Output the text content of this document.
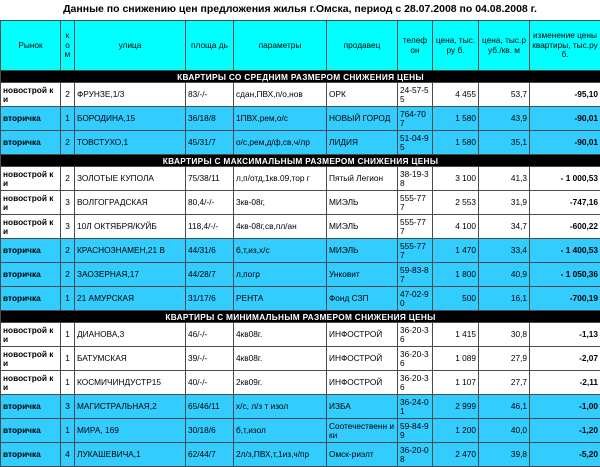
Данные по снижению цен предложения жилья г.Омска, период с 28.07.2008 по 04.08.2008 г.
Рынок	к о м	улица	площа дь	параметры	продавец	телеф он	цена, тыс.ру б.	цена, тыс.руб./кв. м	изменение цены квартиры, тыс.руб.
КВАРТИРЫ СО СРЕДНИМ РАЗМЕРОМ СНИЖЕНИЯ ЦЕНЫ									
новострой ки	2	ФРУНЗЕ,1/3	83/-/-	сдан,ПВХ,п/о,нов	ОРК	24-57-55	4 455	53,7	-95,10
вторичка	1	БОРОДИНА,15	36/18/8	1ПВХ,рем,о/с	НОВЫЙ ГОРОД	764-707	1 580	43,9	-90,01
вторичка	2	ТОВСТУХО,1	45/31/7	о/с,рем,д/ф,св,ч/лр	ЛИДИЯ	51-04-95	1 580	35,1	-90,01
КВАРТИРЫ С МАКСИМАЛЬНЫМ РАЗМЕРОМ СНИЖЕНИЯ ЦЕНЫ									
новострой ки	2	ЗОЛОТЫЕ КУПОЛА	75/38/11	л,п/отд,1кв.09,тор г	Пятый Легион	38-19-38	3 100	41,3	- 1 000,53
новострой ки	3	ВОЛГОГРАДСКАЯ	80,4/-/-	3кв-08г,	МИЭЛЬ	555-777	2 553	31,9	-747,16
новострой ки	3	10Л ОКТЯБРЯ/КУЙБ	118,4/-/-	4кв-08г,св,пл/ан	МИЭЛЬ	555-777	4 100	34,7	-600,22
вторичка	2	КРАСНОЗНАМЕН,21 В	44/31/6	б,т,из,х/с	МИЭЛЬ	555-777	1 470	33,4	- 1 400,53
вторичка	2	ЗАОЗЕРНАЯ,17	44/28/7	л,погр	Унковит	59-83-87	1 800	40,9	- 1 050,36
вторичка	1	21 АМУРСКАЯ	31/17/6	РЕНТА	Фонд СЗП	47-02-90	500	16,1	-700,19
КВАРТИРЫ С МИНИМАЛЬНЫМ РАЗМЕРОМ СНИЖЕНИЯ ЦЕНЫ									
новострой ки	1	ДИАНОВА,3	46/-/-	4кв08г.	ИНФОСТРОЙ	36-20-36	1 415	30,8	-1,13
новострой ки	1	БАТУМСКАЯ	39/-/-	4кв08г.	ИНФОСТРОЙ	36-20-36	1 089	27,9	-2,07
новострой ки	1	КОСМИЧИНДУСТР15	40/-/-	2кв09г.	ИНФОСТРОЙ	36-20-36	1 107	27,7	-2,11
вторичка	3	МАГИСТРАЛЬНАЯ,2	65/46/11	х/с, л/з т изол	ИЗБА	36-24-01	2 999	46,1	-1,00
вторичка	1	МИРА, 169	30/18/6	б,т,изол	Соотечественн ики	59-84-99	1 200	40,0	-1,20
вторичка	4	ЛУКАШЕВИЧА,1	62/44/7	2л/з,ПВХ,т,1из,ч/пр	Омск-риэлт	36-20-08	2 470	39,8	-5,20
